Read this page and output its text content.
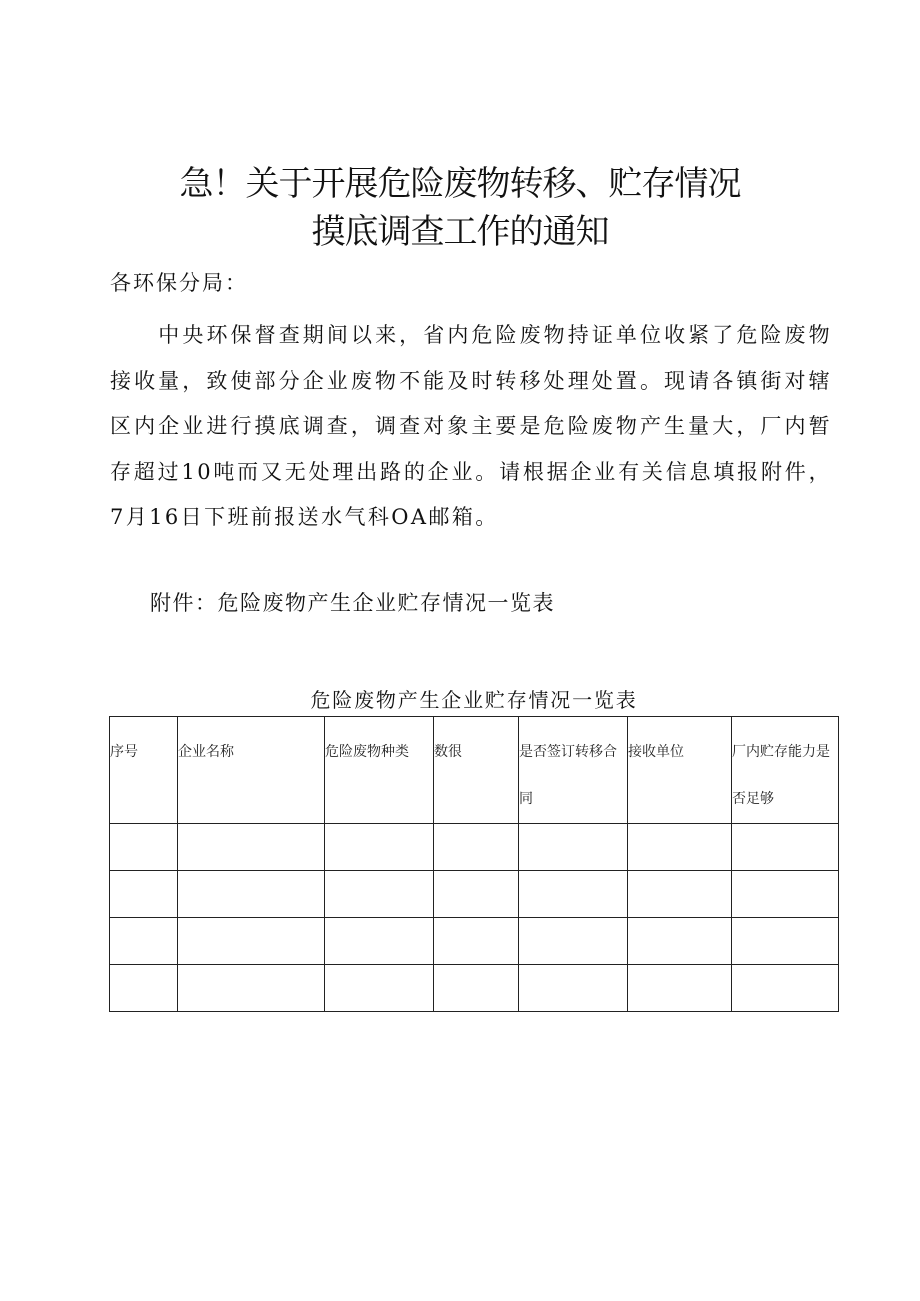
急！关于开展危险废物转移、贮存情况
摸底调查工作的通知
各环保分局：
中央环保督查期间以来，省内危险废物持证单位收紧了危险废物接收量，致使部分企业废物不能及时转移处理处置。现请各镇街对辖区内企业进行摸底调查，调查对象主要是危险废物产生量大，厂内暂存超过10吨而又无处理出路的企业。请根据企业有关信息填报附件，7月16日下班前报送水气科OA邮箱。
附件：危险废物产生企业贮存情况一览表
危险废物产生企业贮存情况一览表
序号	企业名称	危险废物种类	数很	是否签订转移合同	接收单位	厂内贮存能力是否足够
